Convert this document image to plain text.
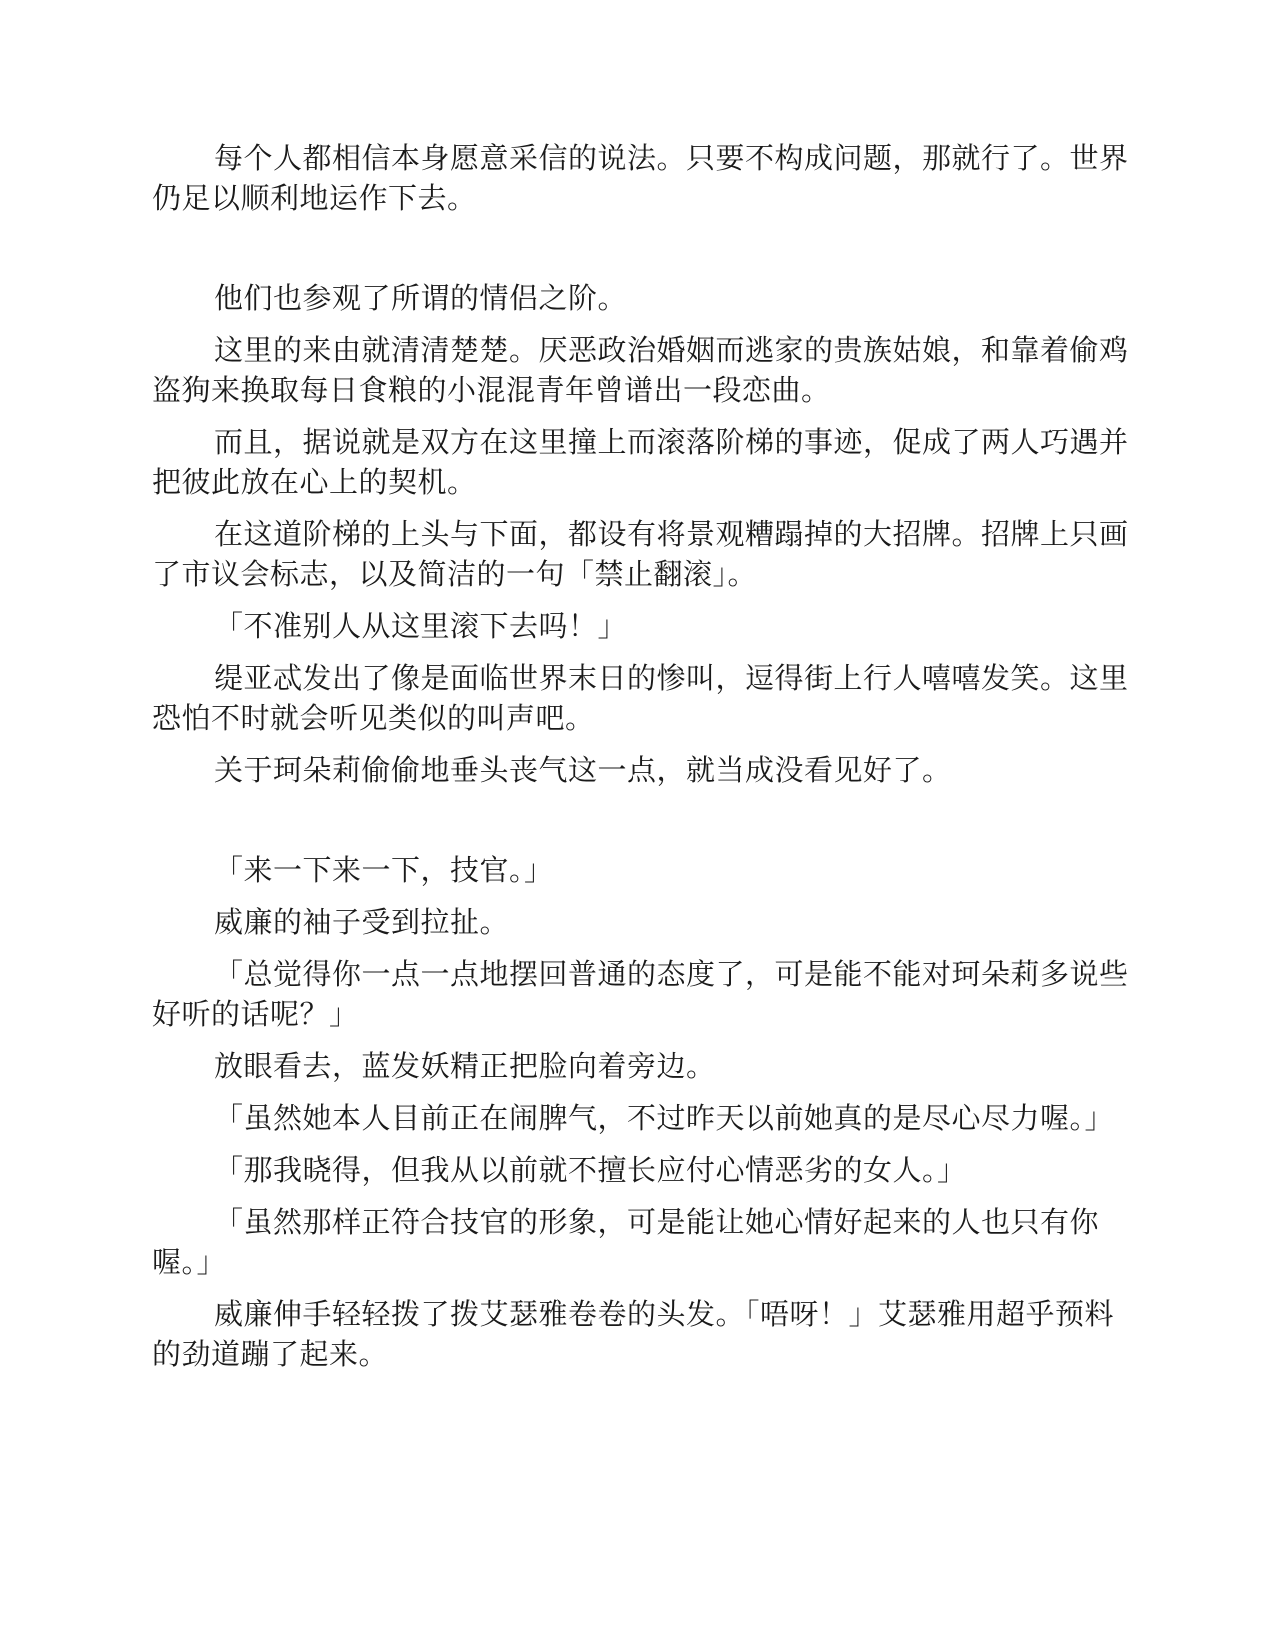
每个人都相信本身愿意采信的说法。只要不构成问题，那就行了。世界仍足以顺利地运作下去。

他们也参观了所谓的情侣之阶。

这里的来由就清清楚楚。厌恶政治婚姻而逃家的贵族姑娘，和靠着偷鸡盗狗来换取每日食粮的小混混青年曾谱出一段恋曲。

而且，据说就是双方在这里撞上而滚落阶梯的事迹，促成了两人巧遇并把彼此放在心上的契机。

在这道阶梯的上头与下面，都设有将景观糟蹋掉的大招牌。招牌上只画了市议会标志，以及简洁的一句「禁止翻滚」。

「不准别人从这里滚下去吗！」

缇亚忒发出了像是面临世界末日的惨叫，逗得街上行人嘻嘻发笑。这里恐怕不时就会听见类似的叫声吧。

关于珂朵莉偷偷地垂头丧气这一点，就当成没看见好了。

「来一下来一下，技官。」

威廉的袖子受到拉扯。

「总觉得你一点一点地摆回普通的态度了，可是能不能对珂朵莉多说些好听的话呢？」

放眼看去，蓝发妖精正把脸向着旁边。

「虽然她本人目前正在闹脾气，不过昨天以前她真的是尽心尽力喔。」

「那我晓得，但我从以前就不擅长应付心情恶劣的女人。」

「虽然那样正符合技官的形象，可是能让她心情好起来的人也只有你喔。」

威廉伸手轻轻拨了拨艾瑟雅卷卷的头发。「唔呀！」艾瑟雅用超乎预料的劲道蹦了起来。
